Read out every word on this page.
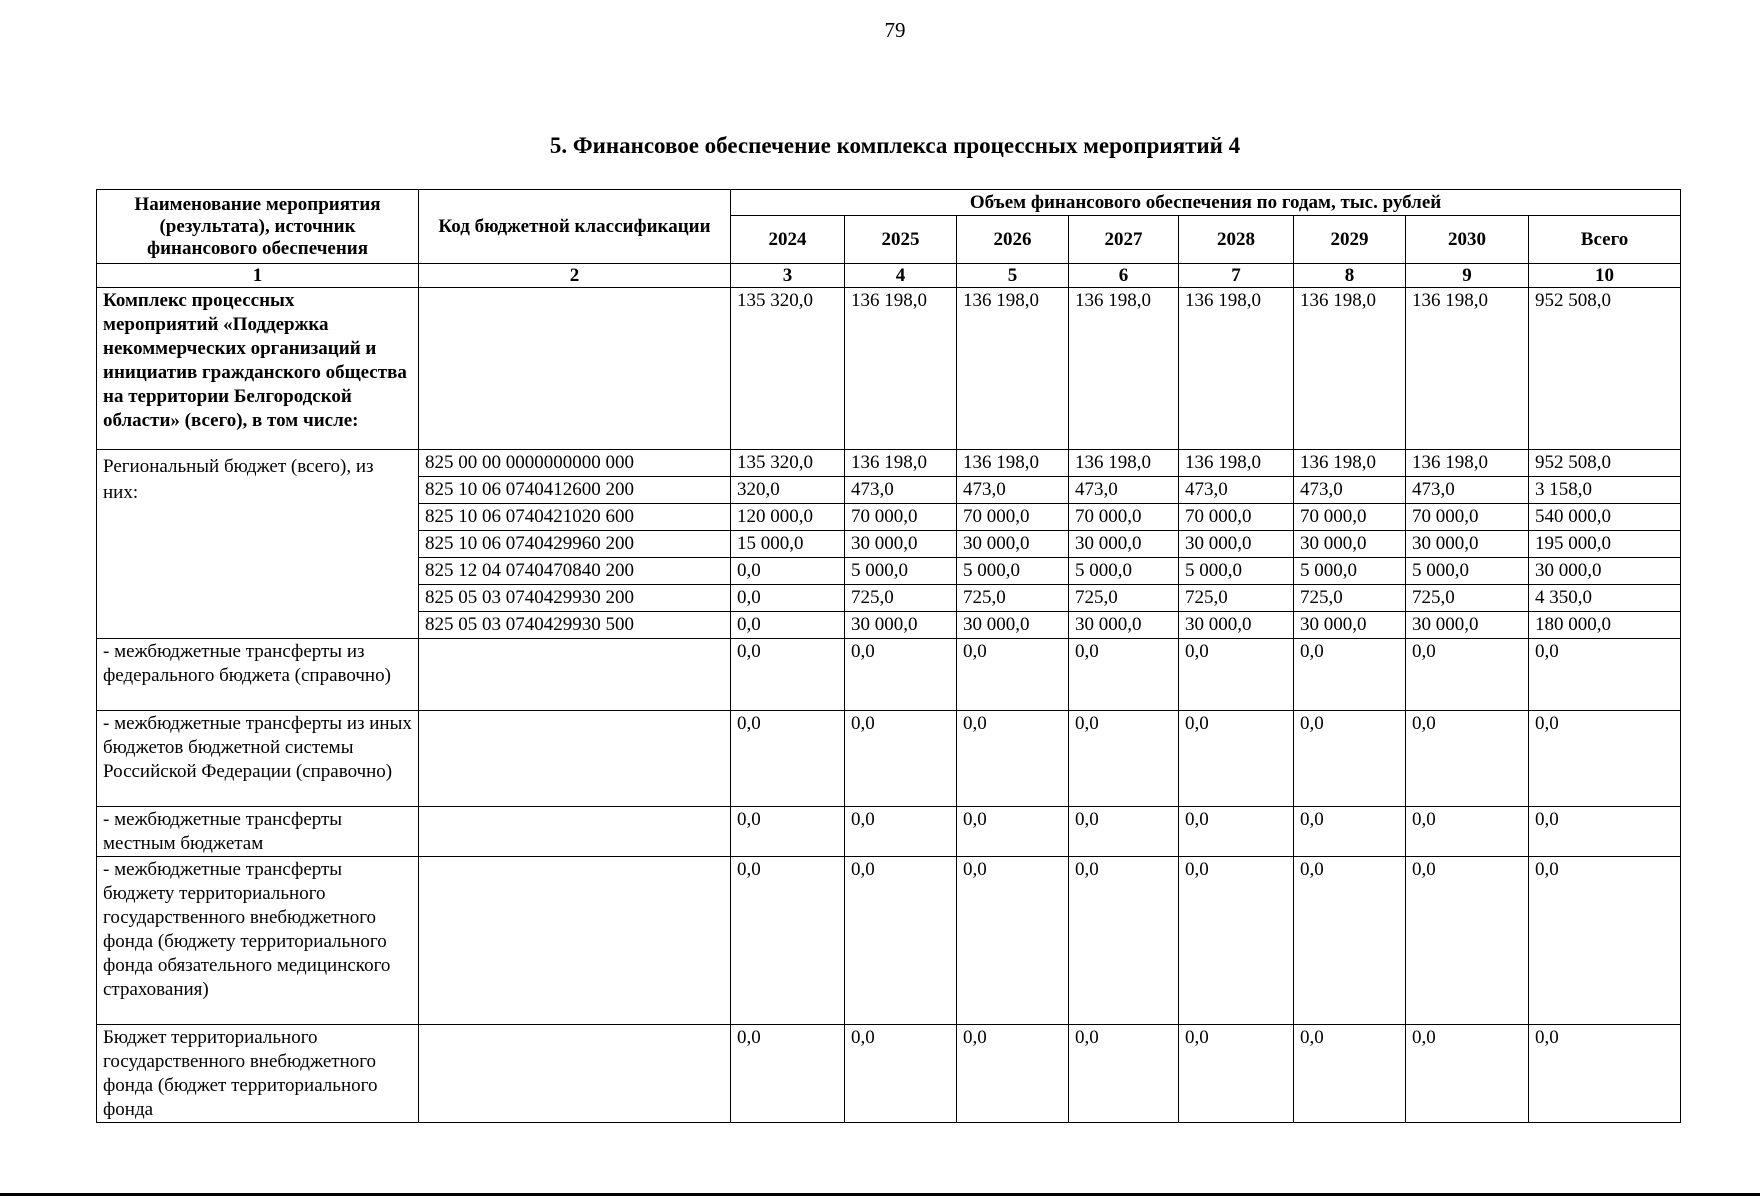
79
5. Финансовое обеспечение комплекса процессных мероприятий 4
Наименование мероприятия (результата), источник финансового обеспечения	Код бюджетной классификации	Объем финансового обеспечения по годам, тыс. рублей							
		2024	2025	2026	2027	2028	2029	2030	Всего
1	2	3	4	5	6	7	8	9	10
Комплекс процессных мероприятий «Поддержка некоммерческих организаций и инициатив гражданского общества на территории Белгородской области» (всего), в том числе:		135 320,0	136 198,0	136 198,0	136 198,0	136 198,0	136 198,0	136 198,0	952 508,0
Региональный бюджет (всего), из них:	825 00 00 0000000000 000	135 320,0	136 198,0	136 198,0	136 198,0	136 198,0	136 198,0	136 198,0	952 508,0
	825 10 06 0740412600 200	320,0	473,0	473,0	473,0	473,0	473,0	473,0	3 158,0
	825 10 06 0740421020 600	120 000,0	70 000,0	70 000,0	70 000,0	70 000,0	70 000,0	70 000,0	540 000,0
	825 10 06 0740429960 200	15 000,0	30 000,0	30 000,0	30 000,0	30 000,0	30 000,0	30 000,0	195 000,0
	825 12 04 0740470840 200	0,0	5 000,0	5 000,0	5 000,0	5 000,0	5 000,0	5 000,0	30 000,0
	825 05 03 0740429930 200	0,0	725,0	725,0	725,0	725,0	725,0	725,0	4 350,0
	825 05 03 0740429930 500	0,0	30 000,0	30 000,0	30 000,0	30 000,0	30 000,0	30 000,0	180 000,0
- межбюджетные трансферты из федерального бюджета (справочно)		0,0	0,0	0,0	0,0	0,0	0,0	0,0	0,0
- межбюджетные трансферты из иных бюджетов бюджетной системы Российской Федерации (справочно)		0,0	0,0	0,0	0,0	0,0	0,0	0,0	0,0
- межбюджетные трансферты местным бюджетам		0,0	0,0	0,0	0,0	0,0	0,0	0,0	0,0
- межбюджетные трансферты бюджету территориального государственного внебюджетного фонда (бюджету территориального фонда обязательного медицинского страхования)		0,0	0,0	0,0	0,0	0,0	0,0	0,0	0,0
Бюджет территориального государственного внебюджетного фонда (бюджет территориального фонда		0,0	0,0	0,0	0,0	0,0	0,0	0,0	0,0
